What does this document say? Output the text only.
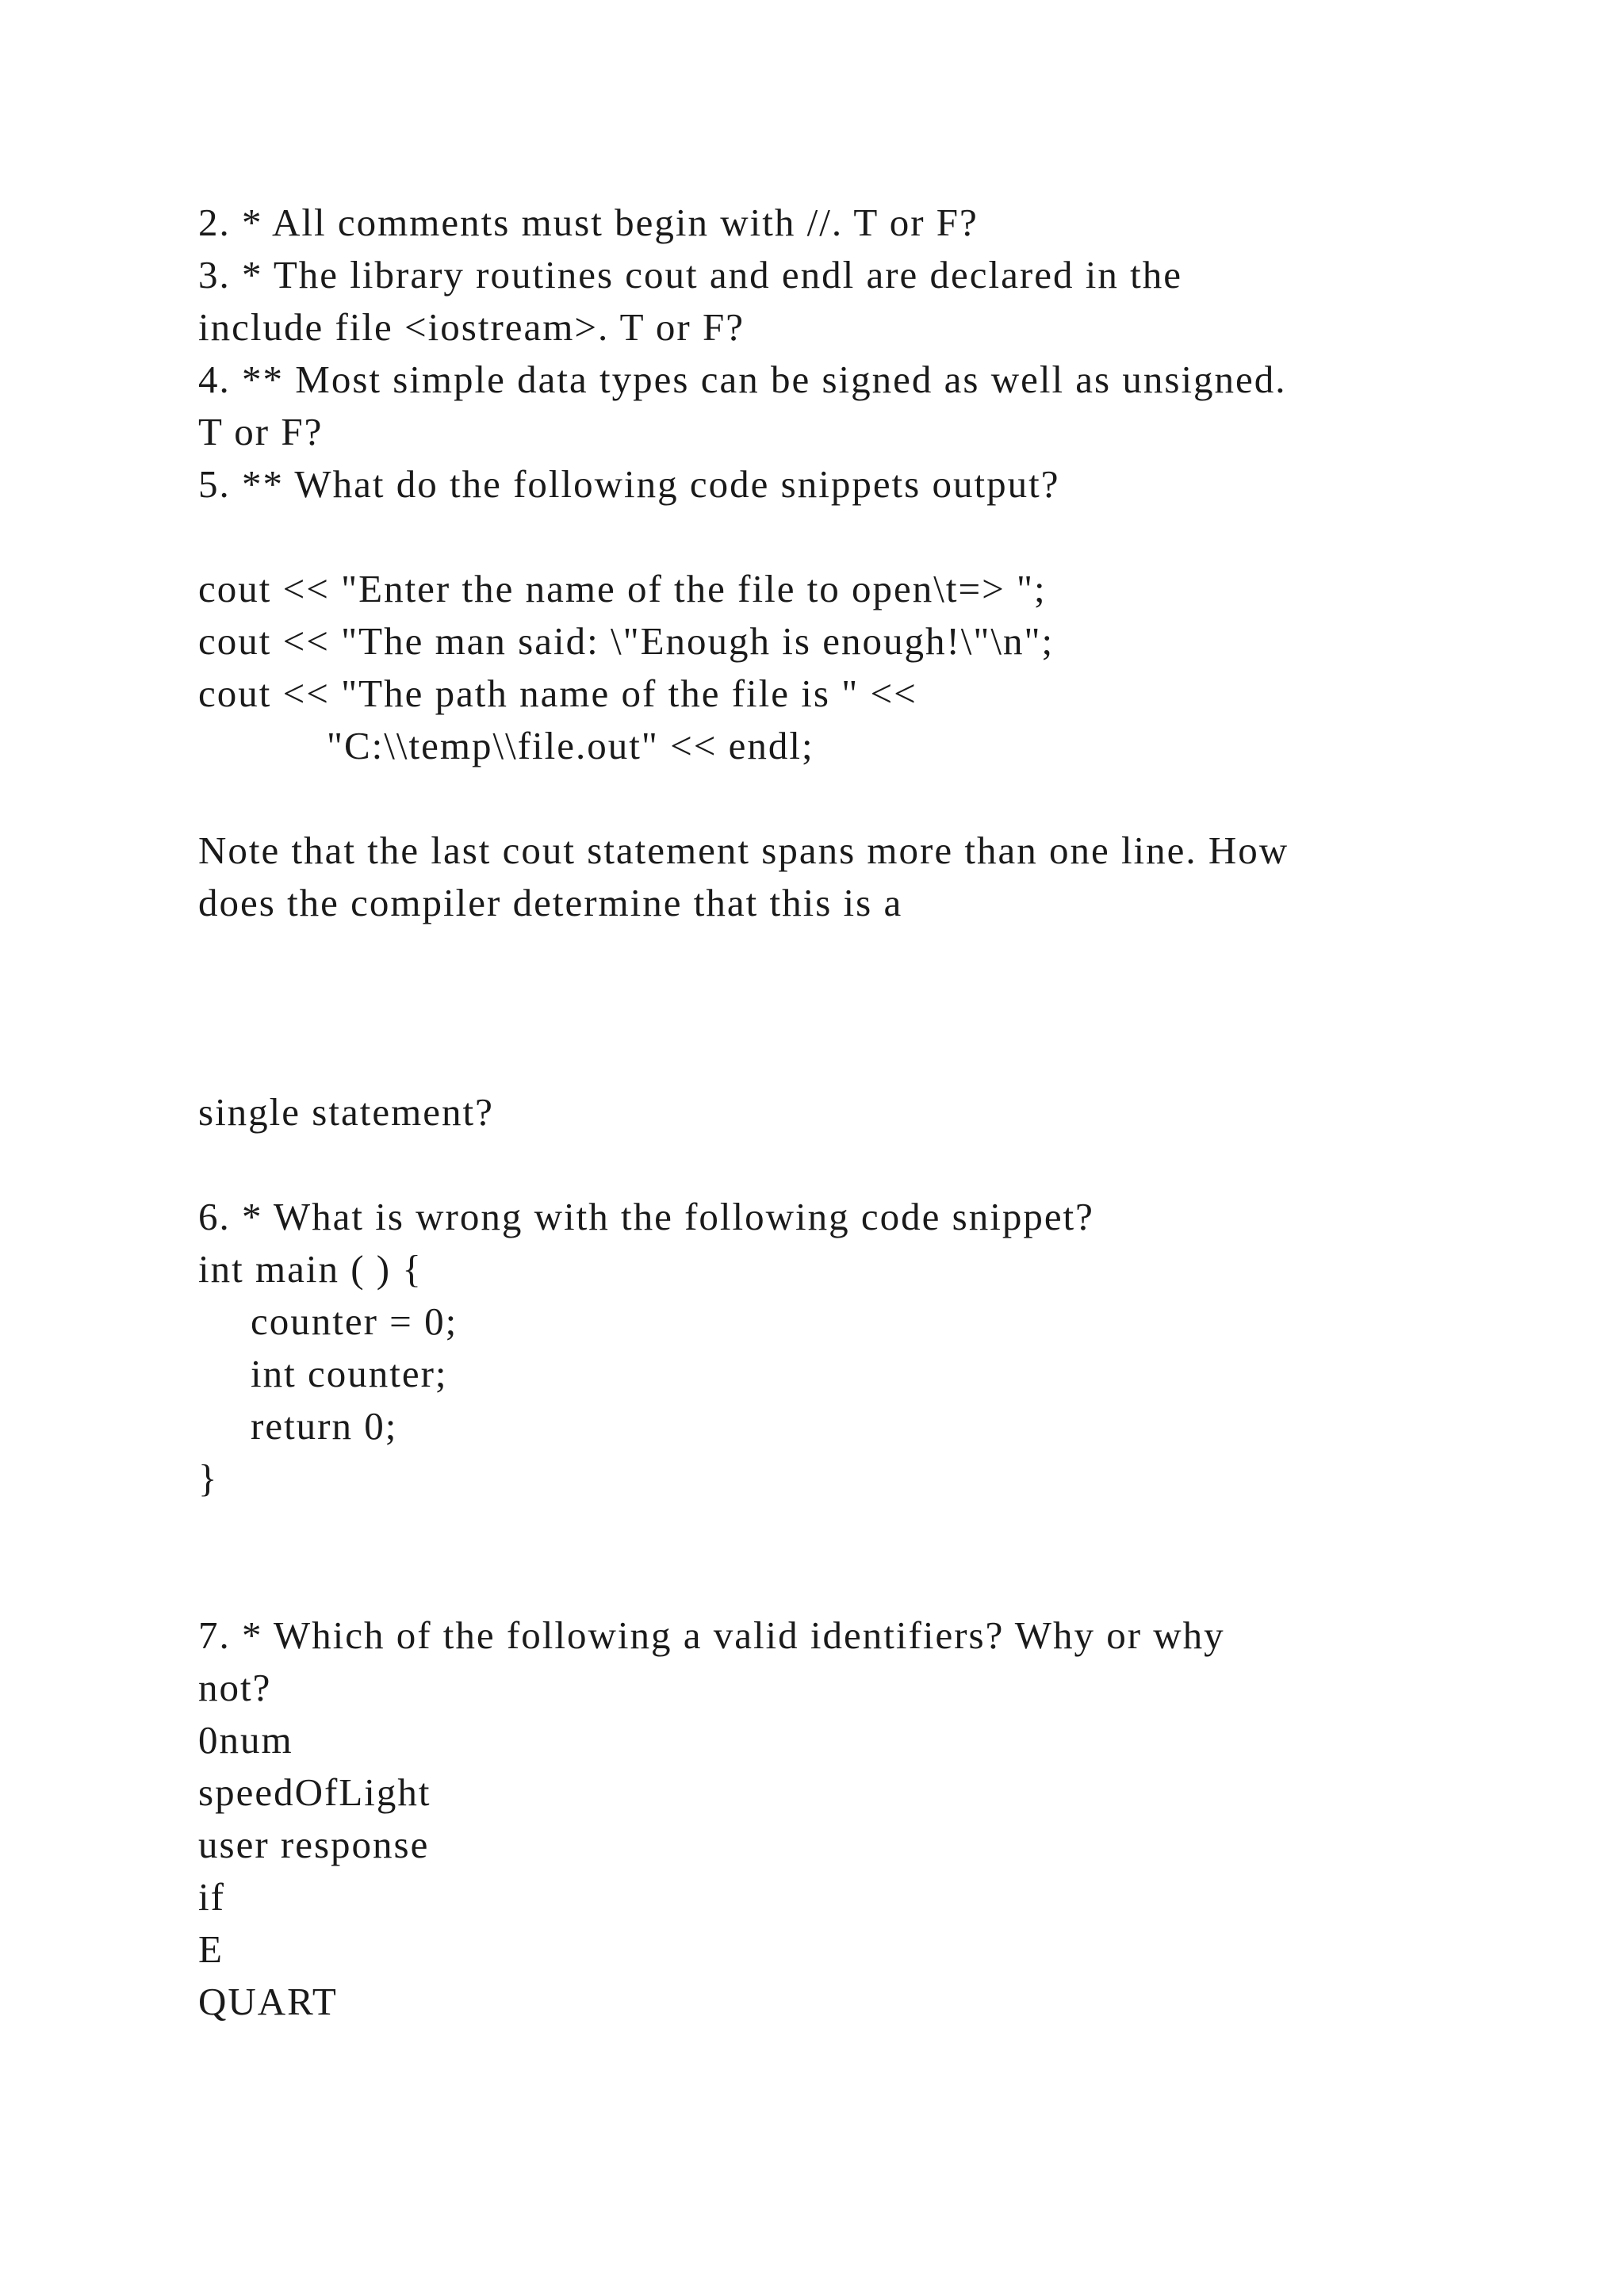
2. * All comments must begin with //. T or F?
3. * The library routines cout and endl are declared in the
include file <iostream>. T or F?
4. ** Most simple data types can be signed as well as unsigned.
T or F?
5. ** What do the following code snippets output?
cout << "Enter the name of the file to open\t=> ";
cout << "The man said: \"Enough is enough!\"\n";
cout << "The path name of the file is " <<
"C:\\temp\\file.out" << endl;
Note that the last cout statement spans more than one line. How
does the compiler determine that this is a
single statement?
6. * What is wrong with the following code snippet?
int main ( ) {
counter = 0;
int counter;
return 0;
}
7. * Which of the following a valid identifiers? Why or why
not?
0num
speedOfLight
user response
if
E
QUART
